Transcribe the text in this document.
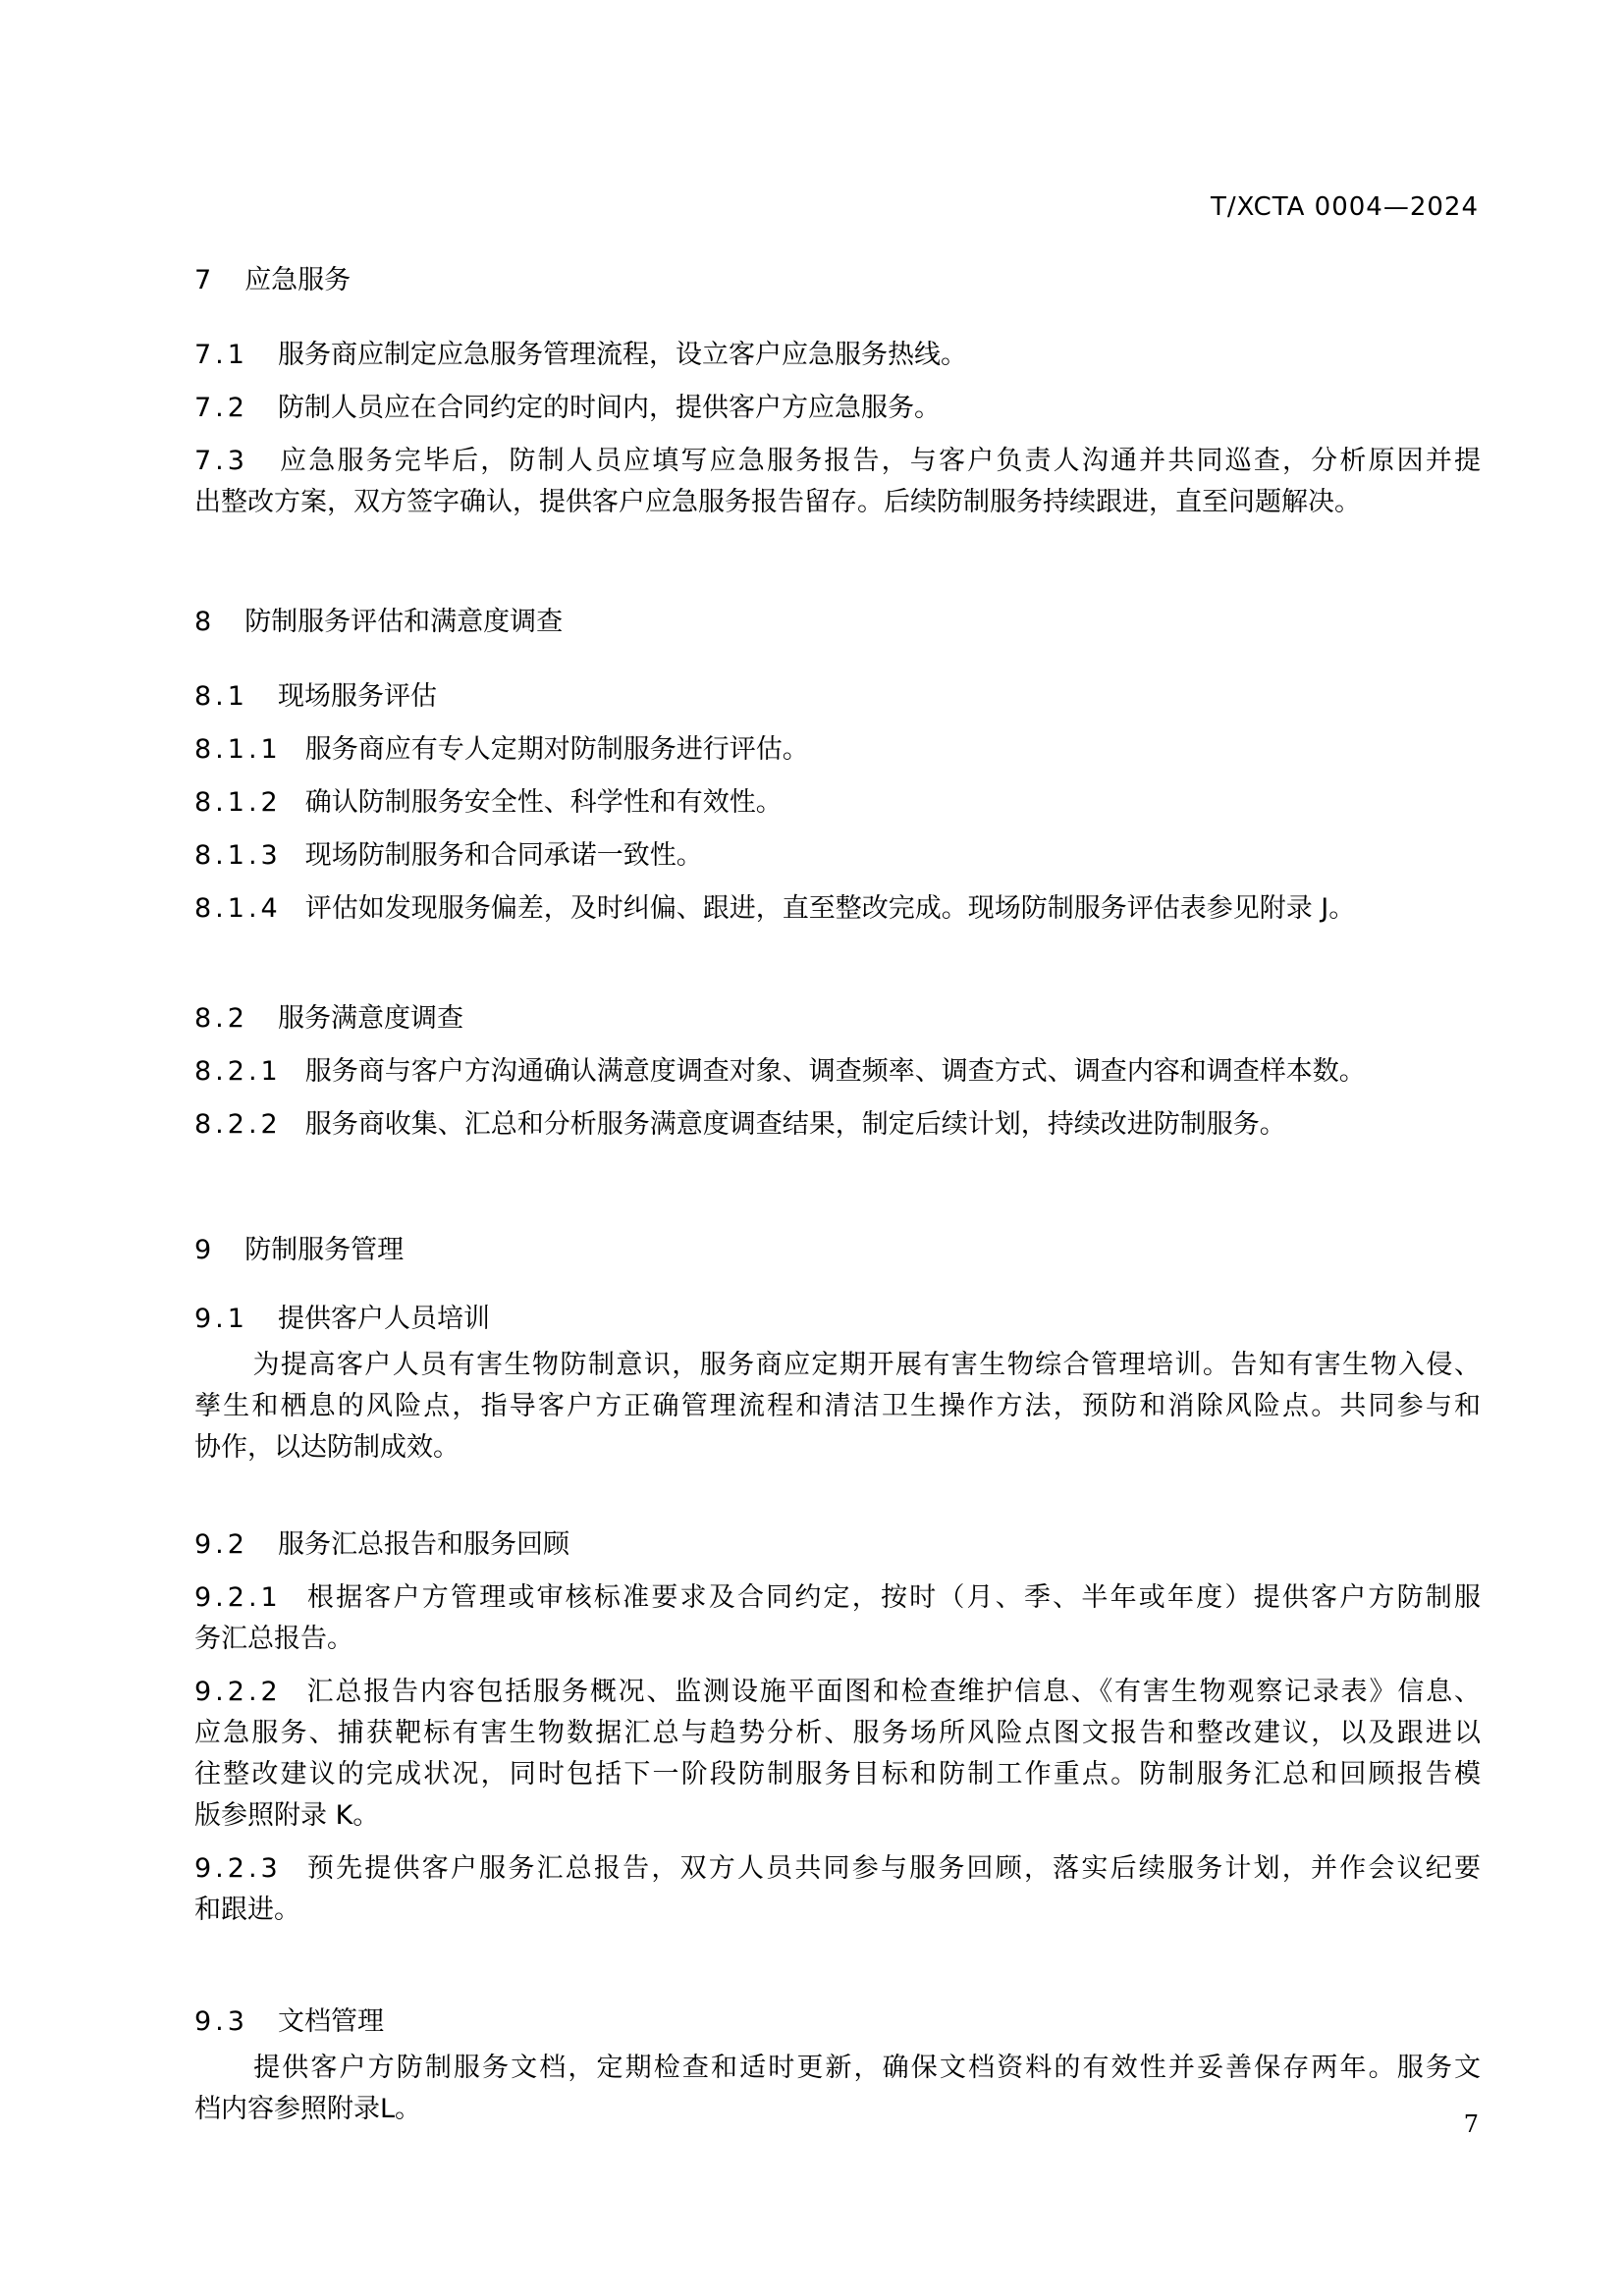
T/XCTA 0004—2024
7 应急服务
7.1 服务商应制定应急服务管理流程，设立客户应急服务热线。
7.2 防制人员应在合同约定的时间内，提供客户方应急服务。
7.3 应急服务完毕后，防制人员应填写应急服务报告，与客户负责人沟通并共同巡查，分析原因并提
出整改方案，双方签字确认，提供客户应急服务报告留存。后续防制服务持续跟进，直至问题解决。
8 防制服务评估和满意度调查
8.1 现场服务评估
8.1.1 服务商应有专人定期对防制服务进行评估。
8.1.2 确认防制服务安全性、科学性和有效性。
8.1.3 现场防制服务和合同承诺一致性。
8.1.4 评估如发现服务偏差，及时纠偏、跟进，直至整改完成。现场防制服务评估表参见附录 J。
8.2 服务满意度调查
8.2.1 服务商与客户方沟通确认满意度调查对象、调查频率、调查方式、调查内容和调查样本数。
8.2.2 服务商收集、汇总和分析服务满意度调查结果，制定后续计划，持续改进防制服务。
9 防制服务管理
9.1 提供客户人员培训
为提高客户人员有害生物防制意识，服务商应定期开展有害生物综合管理培训。告知有害生物入侵、
孳生和栖息的风险点，指导客户方正确管理流程和清洁卫生操作方法，预防和消除风险点。共同参与和
协作，以达防制成效。
9.2 服务汇总报告和服务回顾
9.2.1 根据客户方管理或审核标准要求及合同约定，按时（月、季、半年或年度）提供客户方防制服
务汇总报告。
9.2.2 汇总报告内容包括服务概况、监测设施平面图和检查维护信息、《有害生物观察记录表》信息、
应急服务、捕获靶标有害生物数据汇总与趋势分析、服务场所风险点图文报告和整改建议，以及跟进以
往整改建议的完成状况，同时包括下一阶段防制服务目标和防制工作重点。防制服务汇总和回顾报告模
版参照附录 K。
9.2.3 预先提供客户服务汇总报告，双方人员共同参与服务回顾，落实后续服务计划，并作会议纪要
和跟进。
9.3 文档管理
提供客户方防制服务文档，定期检查和适时更新，确保文档资料的有效性并妥善保存两年。服务文
档内容参照附录L。	7
